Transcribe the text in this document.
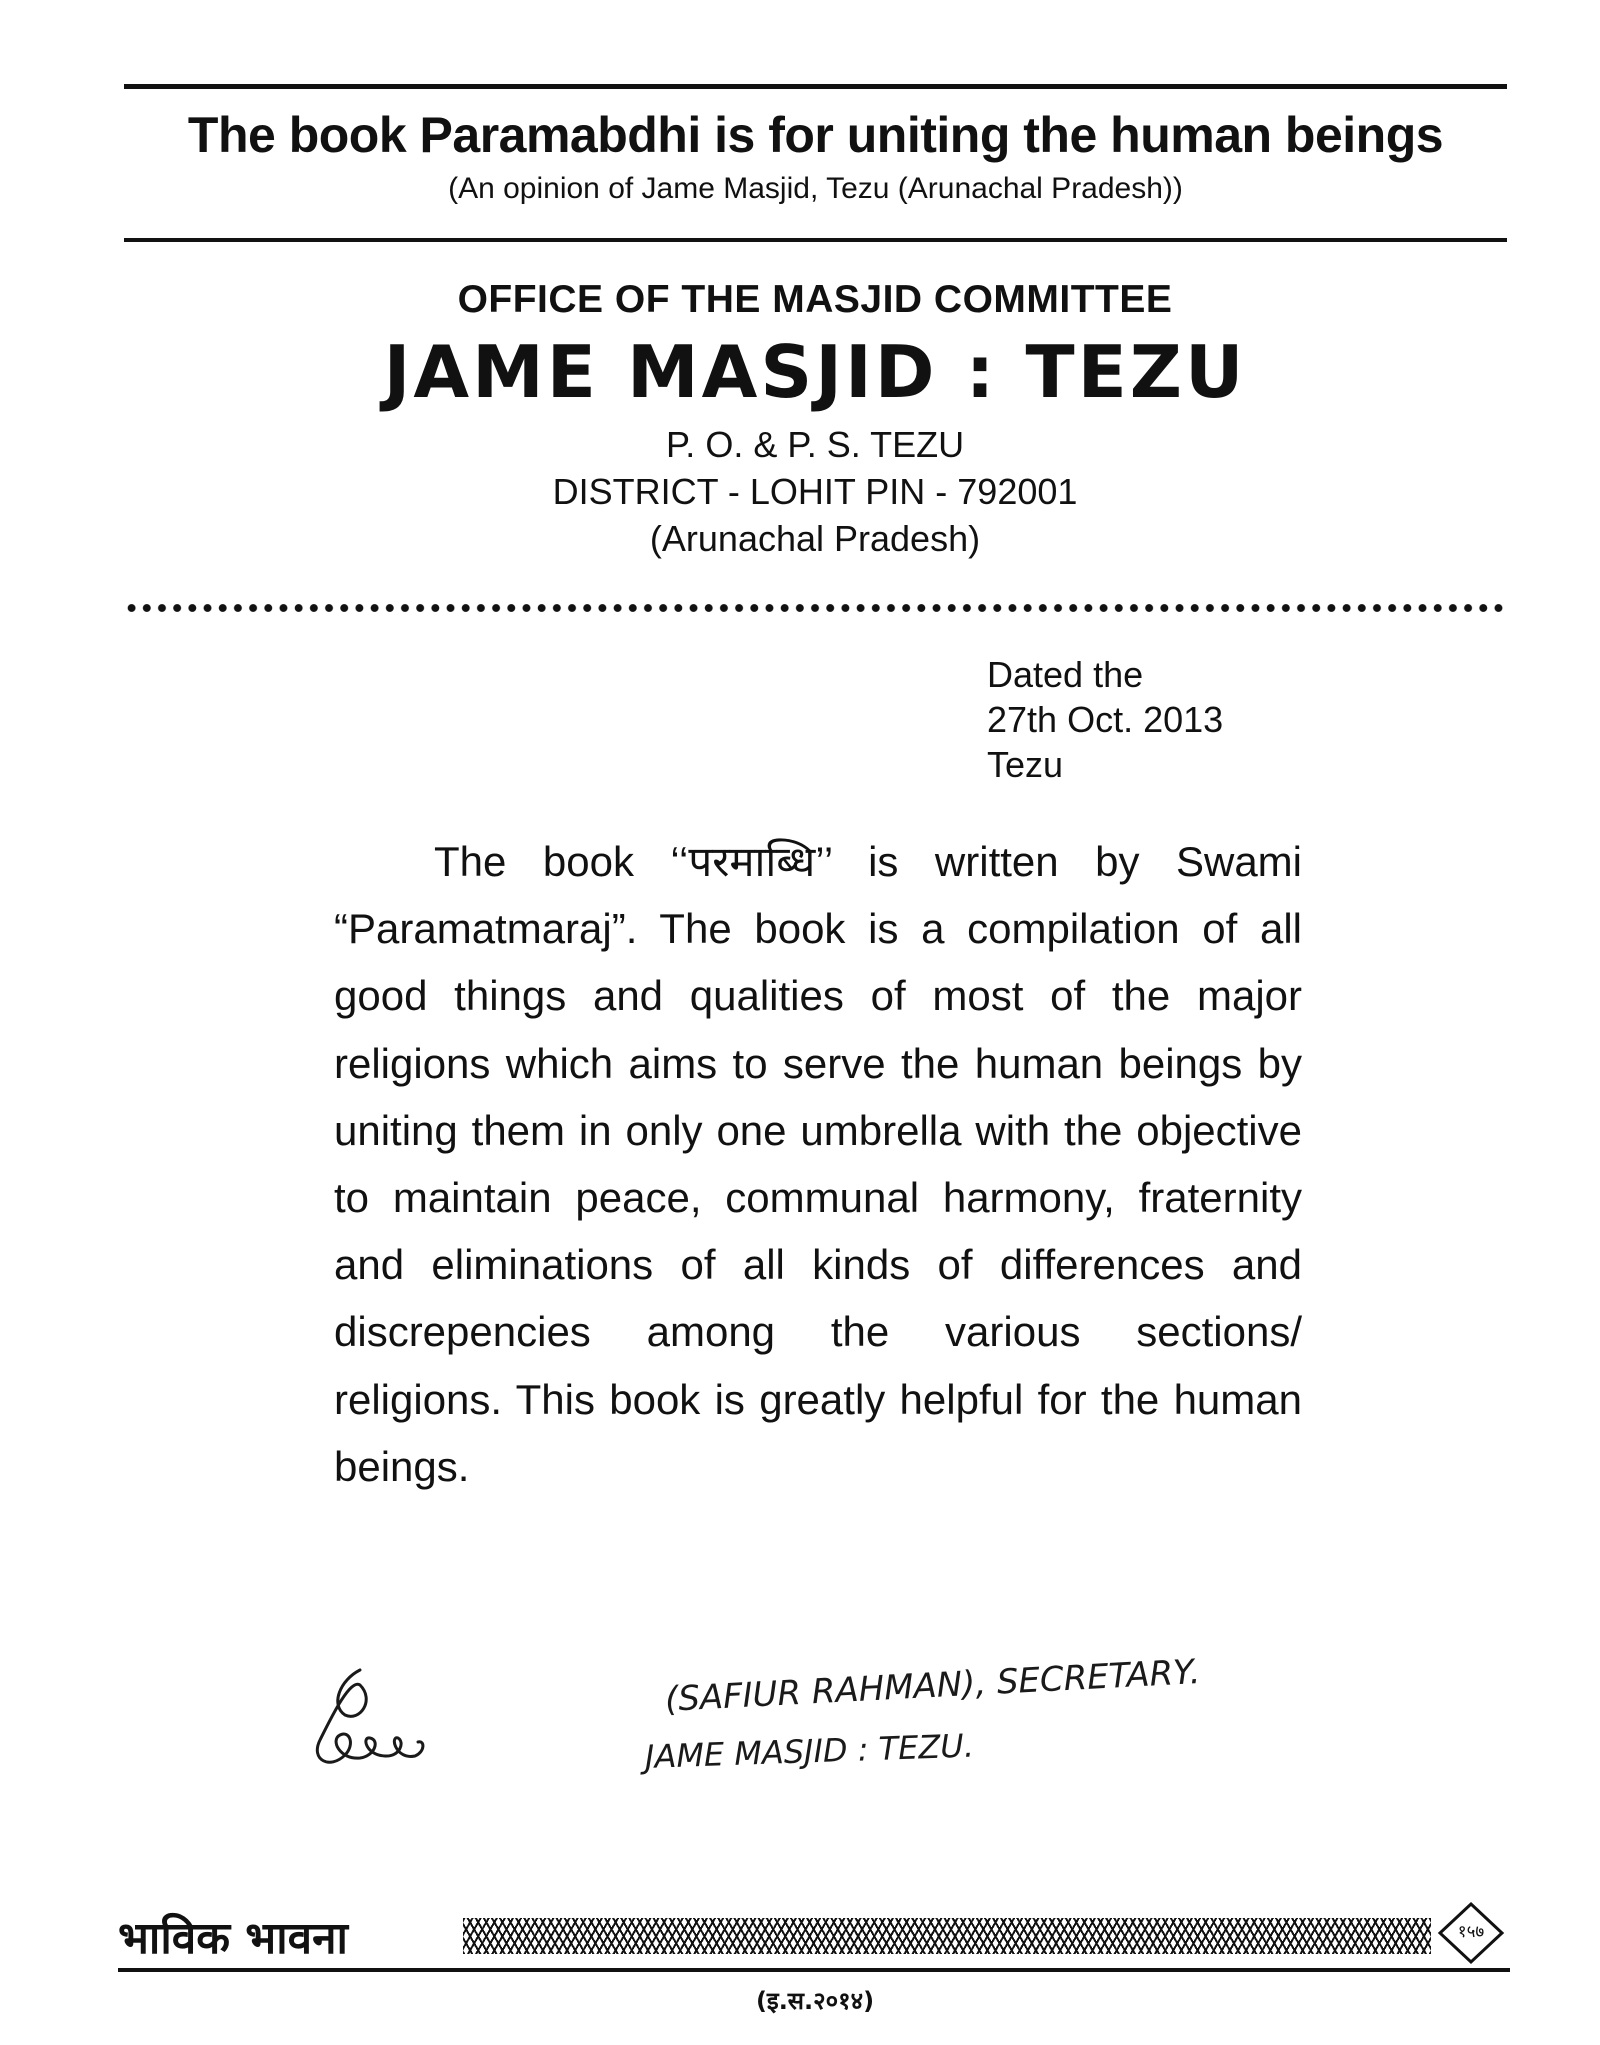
The book Paramabdhi is for uniting the human beings
(An opinion of Jame Masjid, Tezu (Arunachal Pradesh))
OFFICE OF THE MASJID COMMITTEE
JAME MASJID : TEZU
P. O. & P. S. TEZU
DISTRICT - LOHIT PIN - 792001
(Arunachal Pradesh)
Dated the
27th Oct. 2013
Tezu
The book ‘‘परमाब्धि’’ is written by Swami “Paramatmaraj”. The book is a compilation of all good things and qualities of most of the major religions which aims to serve the human beings by uniting them in only one umbrella with the objective to maintain peace, communal harmony, fraternity and eliminations of all kinds of differences and discrepencies among the various sections/ religions. This book is greatly helpful for the human beings.
(SAFIUR RAHMAN), SECRETARY.
JAME MASJID : TEZU.
भाविक भावना	१५७
(इ.स.२०१४)
